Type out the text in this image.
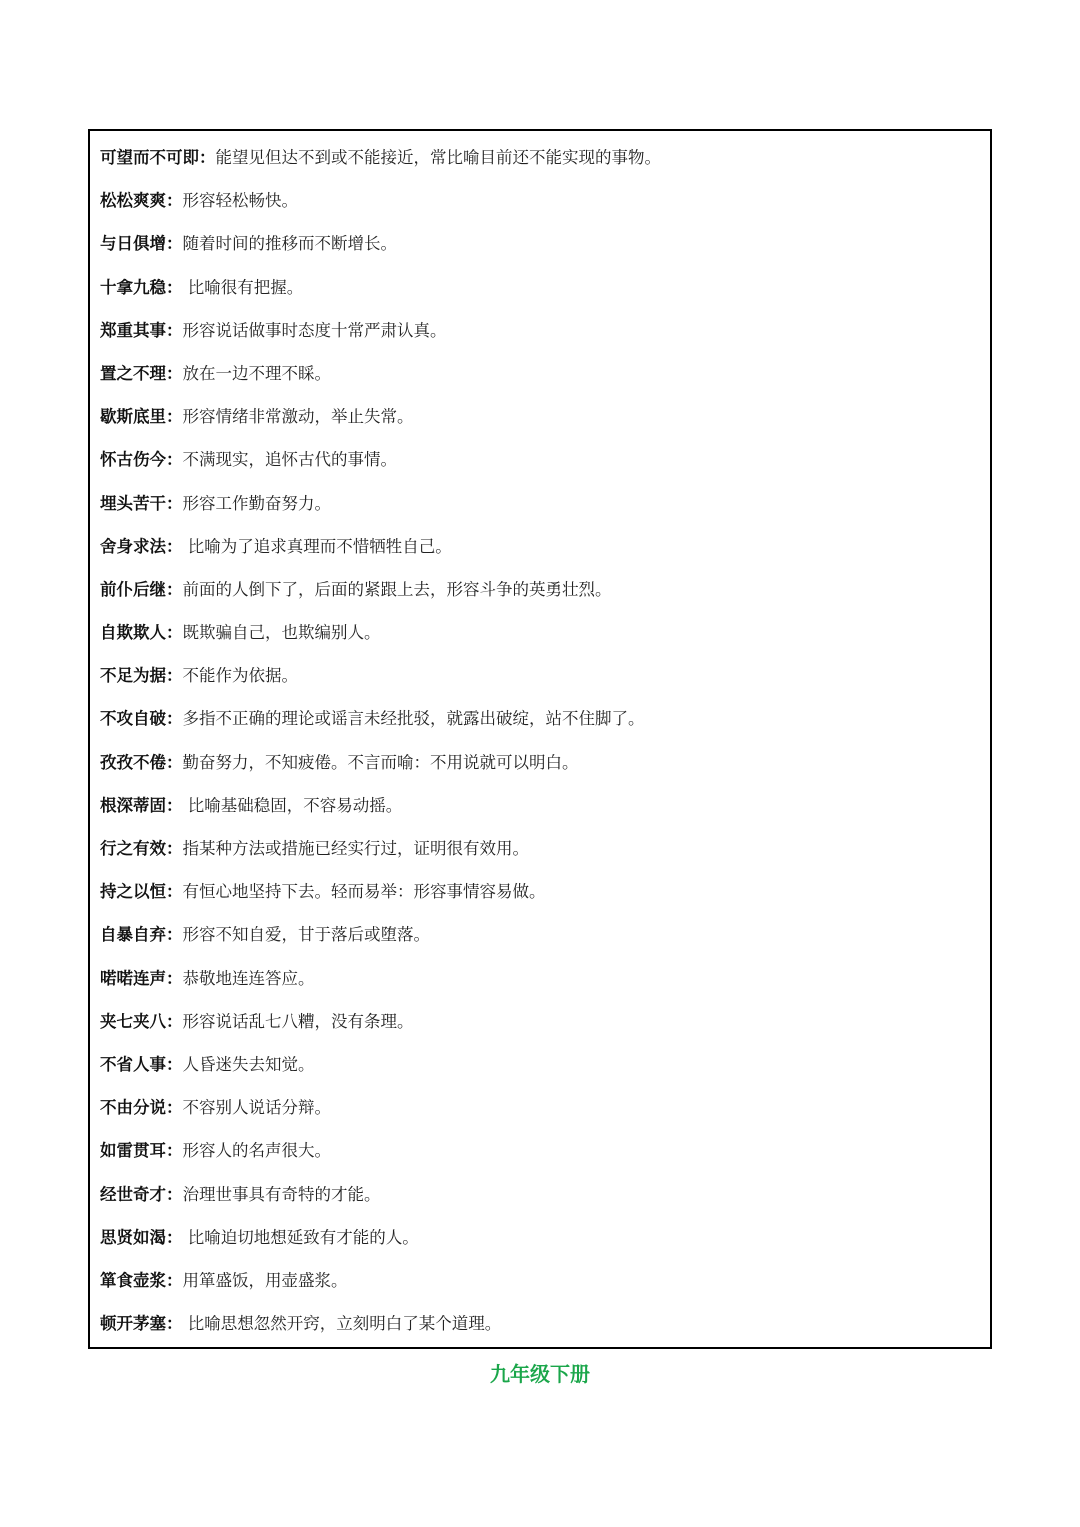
可望而不可即：能望见但达不到或不能接近，常比喻目前还不能实现的事物。
松松爽爽：形容轻松畅快。
与日俱增：随着时间的推移而不断增长。
十拿九稳： 比喻很有把握。
郑重其事：形容说话做事时态度十常严肃认真。
置之不理：放在一边不理不睬。
歇斯底里：形容情绪非常激动，举止失常。
怀古伤今：不满现实，追怀古代的事情。
埋头苦干：形容工作勤奋努力。
舍身求法： 比喻为了追求真理而不惜牺牲自己。
前仆后继：前面的人倒下了，后面的紧跟上去，形容斗争的英勇壮烈。
自欺欺人：既欺骗自己，也欺编别人。
不足为据：不能作为依据。
不攻自破：多指不正确的理论或谣言未经批驳，就露出破绽，站不住脚了。
孜孜不倦：勤奋努力，不知疲倦。不言而喻：不用说就可以明白。
根深蒂固： 比喻基础稳固，不容易动摇。
行之有效：指某种方法或措施已经实行过，证明很有效用。
持之以恒：有恒心地坚持下去。轻而易举：形容事情容易做。
自暴自弃：形容不知自爱，甘于落后或堕落。
喏喏连声：恭敬地连连答应。
夹七夹八：形容说话乱七八糟，没有条理。
不省人事：人昏迷失去知觉。
不由分说：不容别人说话分辩。
如雷贯耳：形容人的名声很大。
经世奇才：治理世事具有奇特的才能。
思贤如渴： 比喻迫切地想延致有才能的人。
箪食壶浆：用箪盛饭，用壶盛浆。
顿开茅塞： 比喻思想忽然开窍，立刻明白了某个道理。
九年级下册
